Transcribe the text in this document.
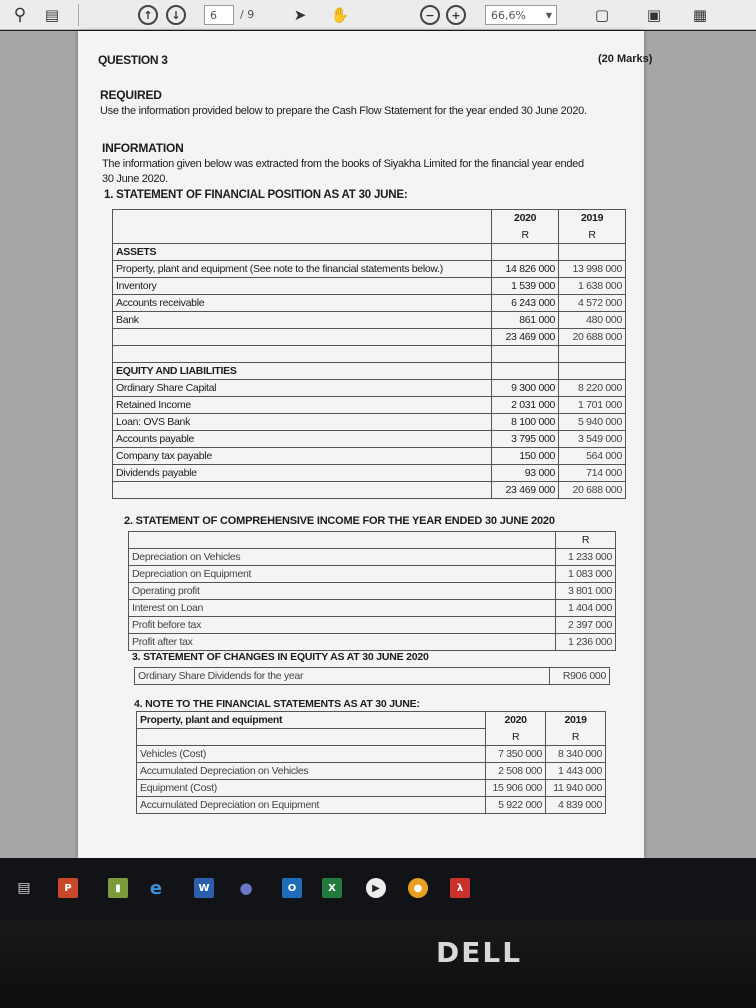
⚲ ▤	↑	↓	6	/ 9	➤ ✋	−	+	66,6% ▼	▢	▣ ▦
QUESTION 3	(20 Marks)
REQUIRED
Use the information provided below to prepare the Cash Flow Statement for the year ended 30 June 2020.
INFORMATION
The information given below was extracted from the books of Siyakha Limited for the financial year ended
30 June 2020.
1. STATEMENT OF FINANCIAL POSITION AS AT 30 JUNE:
	2020	2019
	R	R
ASSETS		
Property, plant and equipment (See note to the financial statements below.)	14 826 000	13 998 000
Inventory	1 539 000	1 638 000
Accounts receivable	6 243 000	4 572 000
Bank	861 000	480 000
	23 469 000	20 688 000

EQUITY AND LIABILITIES		
Ordinary Share Capital	9 300 000	8 220 000
Retained Income	2 031 000	1 701 000
Loan: OVS Bank	8 100 000	5 940 000
Accounts payable	3 795 000	3 549 000
Company tax payable	150 000	564 000
Dividends payable	93 000	714 000
	23 469 000	20 688 000
2. STATEMENT OF COMPREHENSIVE INCOME FOR THE YEAR ENDED 30 JUNE 2020
	R
Depreciation on Vehicles	1 233 000
Depreciation on Equipment	1 083 000
Operating profit	3 801 000
Interest on Loan	1 404 000
Profit before tax	2 397 000
Profit after tax	1 236 000
3. STATEMENT OF CHANGES IN EQUITY AS AT 30 JUNE 2020
Ordinary Share Dividends for the year	R906 000
4. NOTE TO THE FINANCIAL STATEMENTS AS AT 30 JUNE:
Property, plant and equipment	2020	2019
	R	R
Vehicles (Cost)	7 350 000	8 340 000
Accumulated Depreciation on Vehicles	2 508 000	1 443 000
Equipment (Cost)	15 906 000	11 940 000
Accumulated Depreciation on Equipment	5 922 000	4 839 000
▤	P	▮	e	W ●	O	X	▶	●	λ
DELL
